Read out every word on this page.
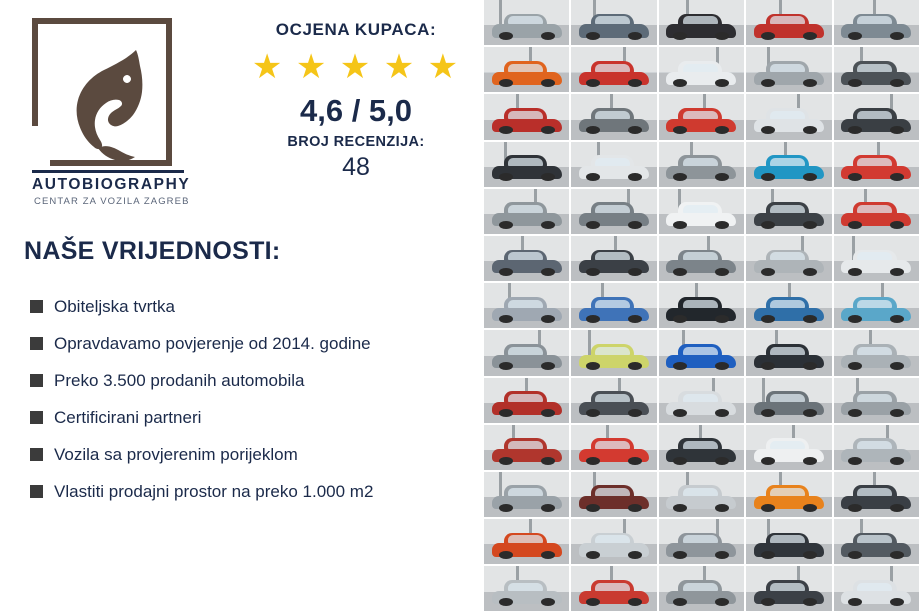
AUTOBIOGRAPHY
CENTAR ZA VOZILA ZAGREB
OCJENA KUPACA:
★ ★ ★ ★ ★
4,6 / 5,0
BROJ RECENZIJA:
48
NAŠE VRIJEDNOSTI:
Obiteljska tvrtka
Opravdavamo povjerenje od 2014. godine
Preko 3.500 prodanih automobila
Certificirani partneri
Vozila sa provjerenim porijeklom
Vlastiti prodajni prostor na preko 1.000 m2
